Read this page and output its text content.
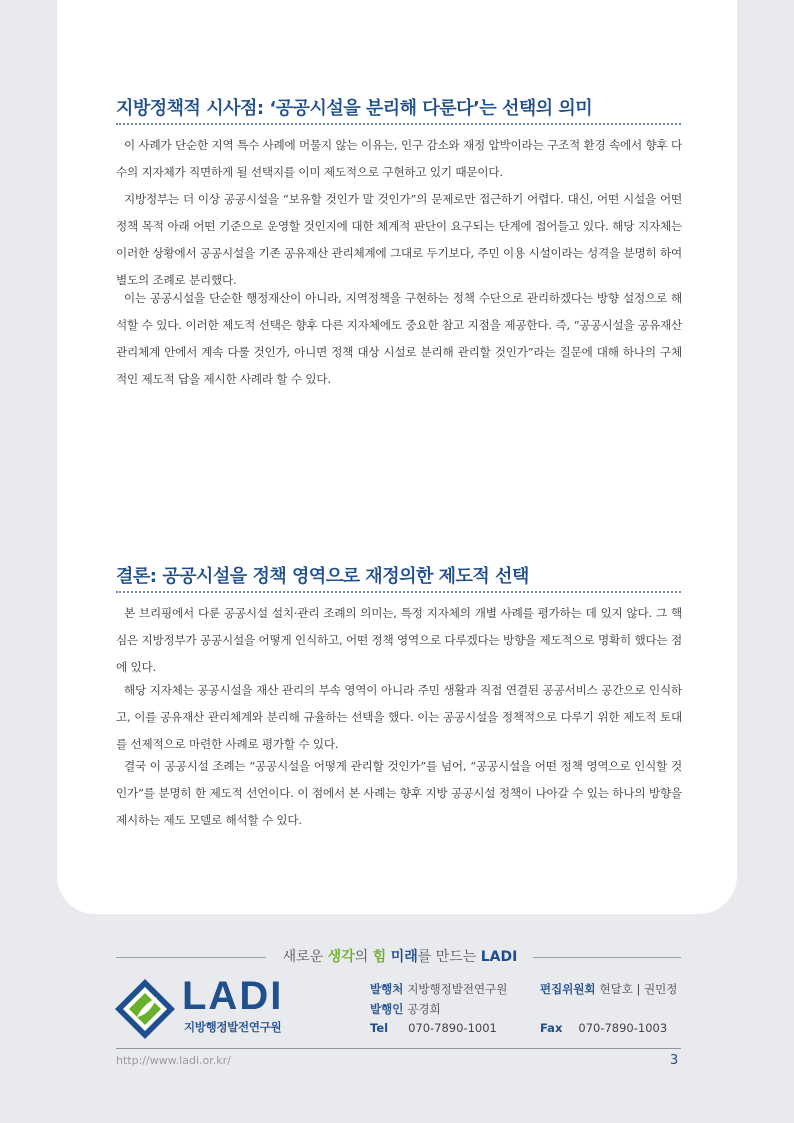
지방정책적 시사점: ‘공공시설을 분리해 다룬다’는 선택의 의미

이 사례가 단순한 지역 특수 사례에 머물지 않는 이유는, 인구 감소와 재정 압박이라는 구조적 환경 속에서 향후 다수의 지자체가 직면하게 될 선택지를 이미 제도적으로 구현하고 있기 때문이다.

지방정부는 더 이상 공공시설을 “보유할 것인가 말 것인가”의 문제로만 접근하기 어렵다. 대신, 어떤 시설을 어떤 정책 목적 아래 어떤 기준으로 운영할 것인지에 대한 체계적 판단이 요구되는 단계에 접어들고 있다. 해당 지자체는 이러한 상황에서 공공시설을 기존 공유재산 관리체계에 그대로 두기보다, 주민 이용 시설이라는 성격을 분명히 하여 별도의 조례로 분리했다.

이는 공공시설을 단순한 행정재산이 아니라, 지역정책을 구현하는 정책 수단으로 관리하겠다는 방향 설정으로 해석할 수 있다. 이러한 제도적 선택은 향후 다른 지자체에도 중요한 참고 지점을 제공한다. 즉, “공공시설을 공유재산 관리체계 안에서 계속 다룰 것인가, 아니면 정책 대상 시설로 분리해 관리할 것인가”라는 질문에 대해 하나의 구체적인 제도적 답을 제시한 사례라 할 수 있다.

결론: 공공시설을 정책 영역으로 재정의한 제도적 선택

본 브리핑에서 다룬 공공시설 설치·관리 조례의 의미는, 특정 지자체의 개별 사례를 평가하는 데 있지 않다. 그 핵심은 지방정부가 공공시설을 어떻게 인식하고, 어떤 정책 영역으로 다루겠다는 방향을 제도적으로 명확히 했다는 점에 있다.

해당 지자체는 공공시설을 재산 관리의 부속 영역이 아니라 주민 생활과 직접 연결된 공공서비스 공간으로 인식하고, 이를 공유재산 관리체계와 분리해 규율하는 선택을 했다. 이는 공공시설을 정책적으로 다루기 위한 제도적 토대를 선제적으로 마련한 사례로 평가할 수 있다.

결국 이 공공시설 조례는 “공공시설을 어떻게 관리할 것인가”를 넘어, “공공시설을 어떤 정책 영역으로 인식할 것인가”를 분명히 한 제도적 선언이다. 이 점에서 본 사례는 향후 지방 공공시설 정책이 나아갈 수 있는 하나의 방향을 제시하는 제도 모델로 해석할 수 있다.

새로운 생각의 힘 미래를 만드는 LADI
LADI
지방행정발전연구원
발행처 지방행정발전연구원
발행인 공경희
Tel 070-7890-1001
편집위원회 현달호 | 권민정
Fax 070-7890-1003
http://www.ladi.or.kr/	3
